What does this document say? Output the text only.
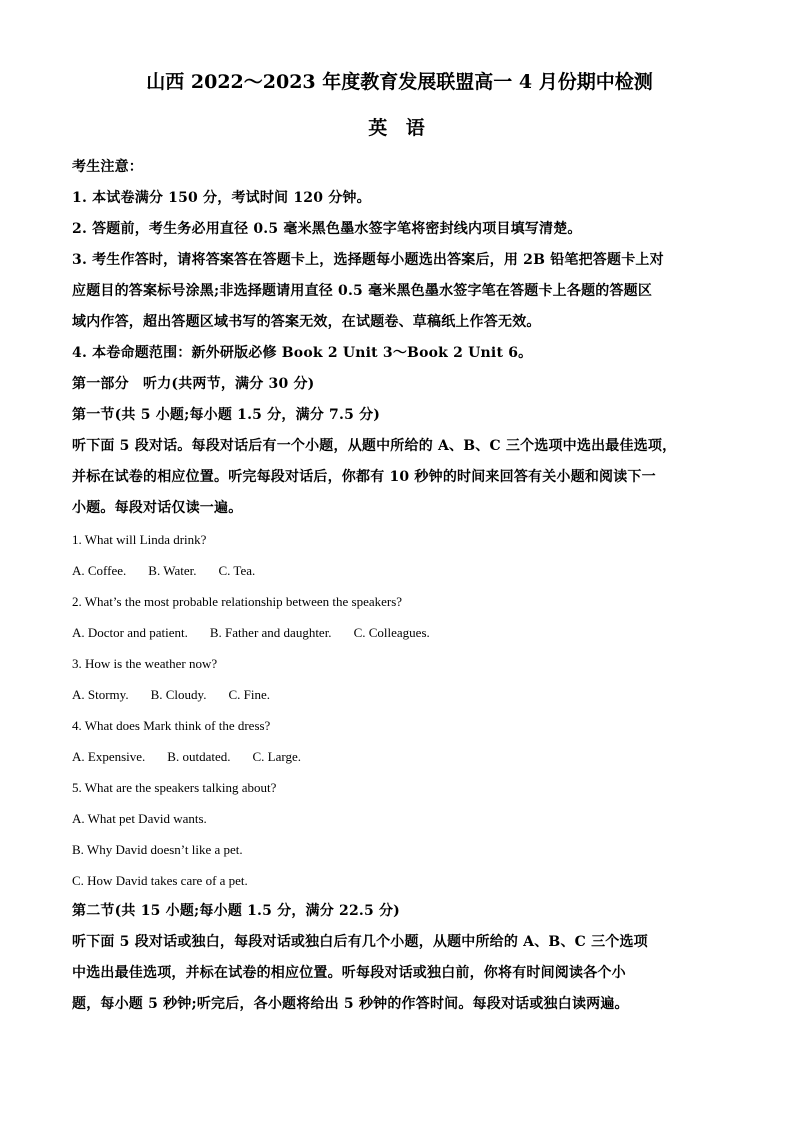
山西 2022～2023 年度教育发展联盟高一 4 月份期中检测
英 语

考生注意：

1. 本试卷满分 150 分，考试时间 120 分钟。

2. 答题前，考生务必用直径 0.5 毫米黑色墨水签字笔将密封线内项目填写清楚。

3. 考生作答时，请将答案答在答题卡上，选择题每小题选出答案后，用 2B 铅笔把答题卡上对

应题目的答案标号涂黑;非选择题请用直径 0.5 毫米黑色墨水签字笔在答题卡上各题的答题区

域内作答，超出答题区域书写的答案无效，在试题卷、草稿纸上作答无效。

4. 本卷命题范围：新外研版必修 Book 2 Unit 3～Book 2 Unit 6。

第一部分　听力(共两节，满分 30 分)

第一节(共 5 小题;每小题 1.5 分，满分 7.5 分)

听下面 5 段对话。每段对话后有一个小题，从题中所给的 A、B、C 三个选项中选出最佳选项，

并标在试卷的相应位置。听完每段对话后，你都有 10 秒钟的时间来回答有关小题和阅读下一

小题。每段对话仅读一遍。

1. What will Linda drink?

A. Coffee. B. Water. C. Tea.

2. What’s the most probable relationship between the speakers?

A. Doctor and patient. B. Father and daughter. C. Colleagues.

3. How is the weather now?

A. Stormy. B. Cloudy. C. Fine.

4. What does Mark think of the dress?

A. Expensive. B. outdated. C. Large.

5. What are the speakers talking about?

A. What pet David wants.

B. Why David doesn’t like a pet.

C. How David takes care of a pet.

第二节(共 15 小题;每小题 1.5 分，满分 22.5 分)

听下面 5 段对话或独白，每段对话或独白后有几个小题，从题中所给的 A、B、C 三个选项

中选出最佳选项，并标在试卷的相应位置。听每段对话或独白前，你将有时间阅读各个小

题，每小题 5 秒钟;听完后，各小题将给出 5 秒钟的作答时间。每段对话或独白读两遍。
